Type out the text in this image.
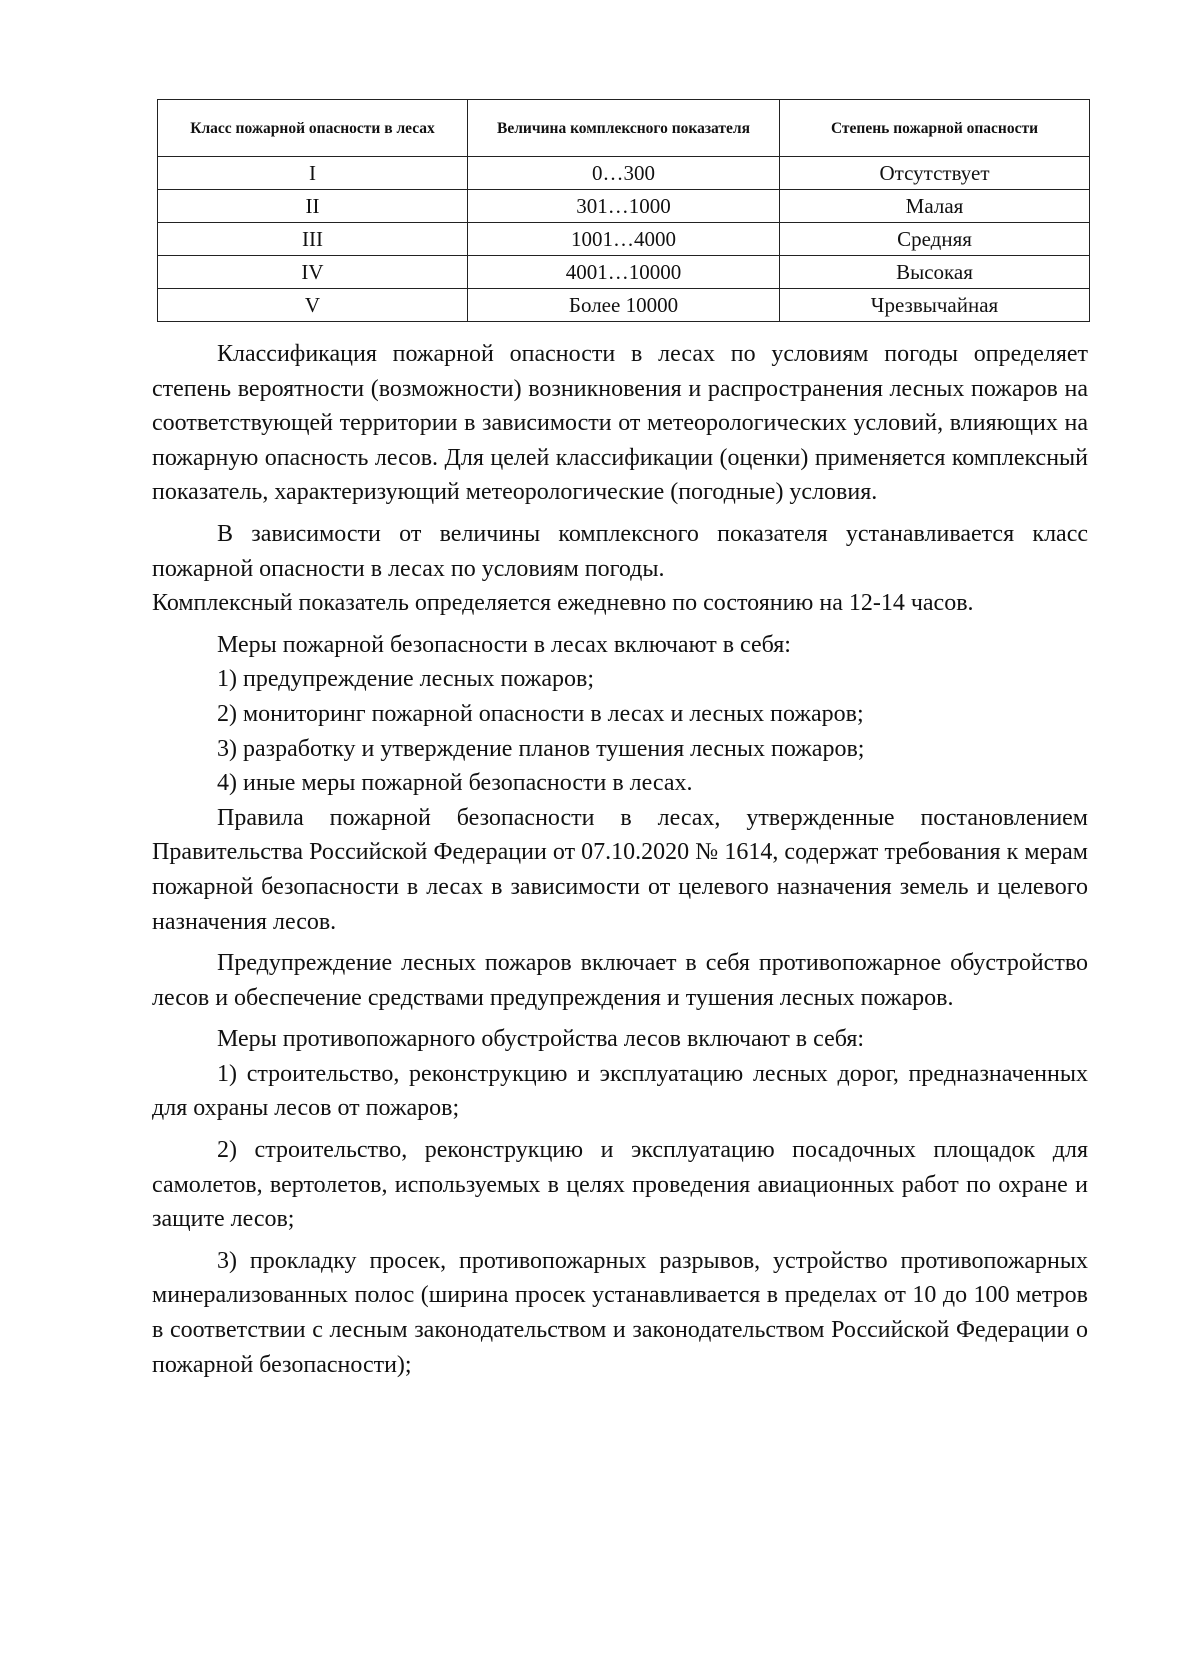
Класс пожарной опасности в лесах	Величина комплексного показателя	Степень пожарной опасности
I	0…300	Отсутствует
II	301…1000	Малая
III	1001…4000	Средняя
IV	4001…10000	Высокая
V	Более 10000	Чрезвычайная

Классификация пожарной опасности в лесах по условиям погоды определяет степень вероятности (возможности) возникновения и распространения лесных пожаров на соответствующей территории в зависимости от метеорологических условий, влияющих на пожарную опасность лесов. Для целей классификации (оценки) применяется комплексный показатель, характеризующий метеорологические (погодные) условия.

В зависимости от величины комплексного показателя устанавливается класс пожарной опасности в лесах по условиям погоды.

Комплексный показатель определяется ежедневно по состоянию на 12-14 часов.

Меры пожарной безопасности в лесах включают в себя:

1) предупреждение лесных пожаров;

2) мониторинг пожарной опасности в лесах и лесных пожаров;

3) разработку и утверждение планов тушения лесных пожаров;

4) иные меры пожарной безопасности в лесах.

Правила пожарной безопасности в лесах, утвержденные постановлением Правительства Российской Федерации от 07.10.2020 № 1614, содержат требования к мерам пожарной безопасности в лесах в зависимости от целевого назначения земель и целевого назначения лесов.

Предупреждение лесных пожаров включает в себя противопожарное обустройство лесов и обеспечение средствами предупреждения и тушения лесных пожаров.

Меры противопожарного обустройства лесов включают в себя:

1) строительство, реконструкцию и эксплуатацию лесных дорог, предназначенных для охраны лесов от пожаров;

2) строительство, реконструкцию и эксплуатацию посадочных площадок для самолетов, вертолетов, используемых в целях проведения авиационных работ по охране и защите лесов;

3) прокладку просек, противопожарных разрывов, устройство противопожарных минерализованных полос (ширина просек устанавливается в пределах от 10 до 100 метров в соответствии с лесным законодательством и законодательством Российской Федерации о пожарной безопасности);
